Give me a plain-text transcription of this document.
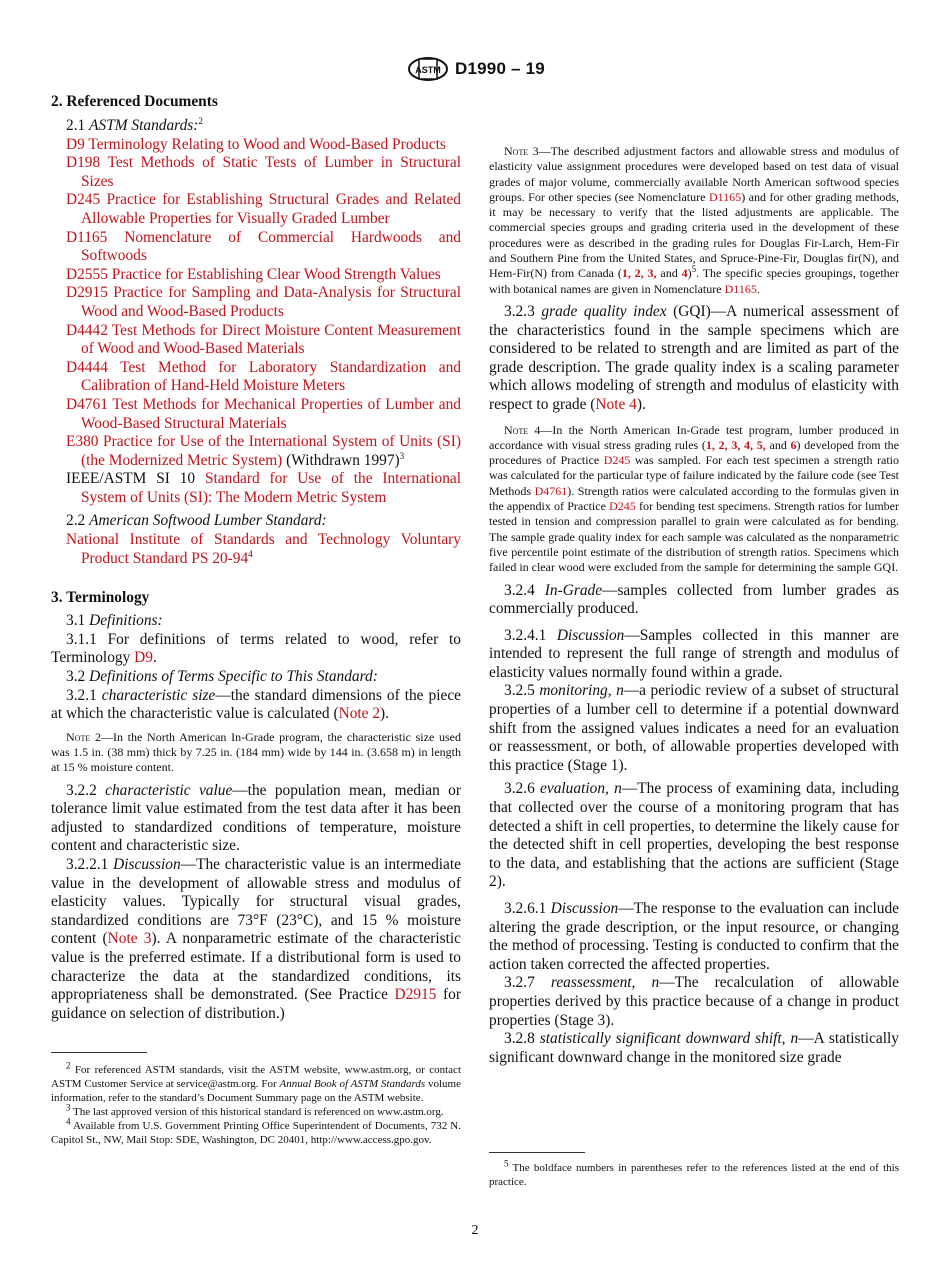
ASTM D1990 – 19

2. Referenced Documents

2.1 ASTM Standards:$^2$

D9 Terminology Relating to Wood and Wood-Based Products

D198 Test Methods of Static Tests of Lumber in Structural Sizes

D245 Practice for Establishing Structural Grades and Related Allowable Properties for Visually Graded Lumber

D1165 Nomenclature of Commercial Hardwoods and Softwoods

D2555 Practice for Establishing Clear Wood Strength Values

D2915 Practice for Sampling and Data-Analysis for Structural Wood and Wood-Based Products

D4442 Test Methods for Direct Moisture Content Measurement of Wood and Wood-Based Materials

D4444 Test Method for Laboratory Standardization and Calibration of Hand-Held Moisture Meters

D4761 Test Methods for Mechanical Properties of Lumber and Wood-Based Structural Materials

E380 Practice for Use of the International System of Units (SI) (the Modernized Metric System) (Withdrawn 1997)$^3$

IEEE/ASTM SI 10 Standard for Use of the International System of Units (SI): The Modern Metric System

2.2 American Softwood Lumber Standard:

National Institute of Standards and Technology Voluntary Product Standard PS $20-94^4$

3. Terminology

3.1 Definitions:

3.1.1 For definitions of terms related to wood, refer to Terminology D9.

3.2 Definitions of Terms Specific to This Standard:

3.2.1 characteristic size—the standard dimensions of the piece at which the characteristic value is calculated (Note 2).

Note 2—In the North American In-Grade program, the characteristic size used was 1.5 in. (38 mm) thick by 7.25 in. (184 mm) wide by 144 in. (3.658 m) in length at 15 % moisture content.

3.2.2 characteristic value—the population mean, median or tolerance limit value estimated from the test data after it has been adjusted to standardized conditions of temperature, moisture content and characteristic size.

3.2.2.1 Discussion—The characteristic value is an intermediate value in the development of allowable stress and modulus of elasticity values. Typically for structural visual grades, standardized conditions are 73°F (23°C), and 15 % moisture content (Note 3). A nonparametric estimate of the characteristic value is the preferred estimate. If a distributional form is used to characterize the data at the standardized conditions, its appropriateness shall be demonstrated. (See Practice D2915 for guidance on selection of distribution.)

$^2$ For referenced ASTM standards, visit the ASTM website, www.astm.org, or contact ASTM Customer Service at service@astm.org. For Annual Book of ASTM Standards volume information, refer to the standard’s Document Summary page on the ASTM website.

$^3$ The last approved version of this historical standard is referenced on www.astm.org.

$^4$ Available from U.S. Government Printing Office Superintendent of Documents, 732 N. Capitol St., NW, Mail Stop: SDE, Washington, DC 20401, http://www.access.gpo.gov.

Note 3—The described adjustment factors and allowable stress and modulus of elasticity value assignment procedures were developed based on test data of visual grades of major volume, commercially available North American softwood species groups. For other species (see Nomenclature D1165) and for other grading methods, it may be necessary to verify that the listed adjustments are applicable. The commercial species groups and grading criteria used in the development of these procedures were as described in the grading rules for Douglas Fir-Larch, Hem-Fir and Southern Pine from the United States, and Spruce-Pine-Fir, Douglas fir(N), and Hem-Fir(N) from Canada (1, 2, 3, and 4)$^5$. The specific species groupings, together with botanical names are given in Nomenclature D1165.

3.2.3 grade quality index (GQI)—A numerical assessment of the characteristics found in the sample specimens which are considered to be related to strength and are limited as part of the grade description. The grade quality index is a scaling parameter which allows modeling of strength and modulus of elasticity with respect to grade (Note 4).

Note 4—In the North American In-Grade test program, lumber produced in accordance with visual stress grading rules (1, 2, 3, 4, 5, and 6) developed from the procedures of Practice D245 was sampled. For each test specimen a strength ratio was calculated for the particular type of failure indicated by the failure code (see Test Methods D4761). Strength ratios were calculated according to the formulas given in the appendix of Practice D245 for bending test specimens. Strength ratios for lumber tested in tension and compression parallel to grain were calculated as for bending. The sample grade quality index for each sample was calculated as the nonparametric five percentile point estimate of the distribution of strength ratios. Specimens which failed in clear wood were excluded from the sample for determining the sample GQI.

3.2.4 In-Grade—samples collected from lumber grades as commercially produced.

3.2.4.1 Discussion—Samples collected in this manner are intended to represent the full range of strength and modulus of elasticity values normally found within a grade.

3.2.5 monitoring, n—a periodic review of a subset of structural properties of a lumber cell to determine if a potential downward shift from the assigned values indicates a need for an evaluation or reassessment, or both, of allowable properties developed with this practice (Stage 1).

3.2.6 evaluation, n—The process of examining data, including that collected over the course of a monitoring program that has detected a shift in cell properties, to determine the likely cause for the detected shift in cell properties, developing the best response to the data, and establishing that the actions are sufficient (Stage 2).

3.2.6.1 Discussion—The response to the evaluation can include altering the grade description, or the input resource, or changing the method of processing. Testing is conducted to confirm that the action taken corrected the affected properties.

3.2.7 reassessment, n—The recalculation of allowable properties derived by this practice because of a change in product properties (Stage 3).

3.2.8 statistically significant downward shift, n—A statistically significant downward change in the monitored size grade

$^5$ The boldface numbers in parentheses refer to the references listed at the end of this practice.

2
